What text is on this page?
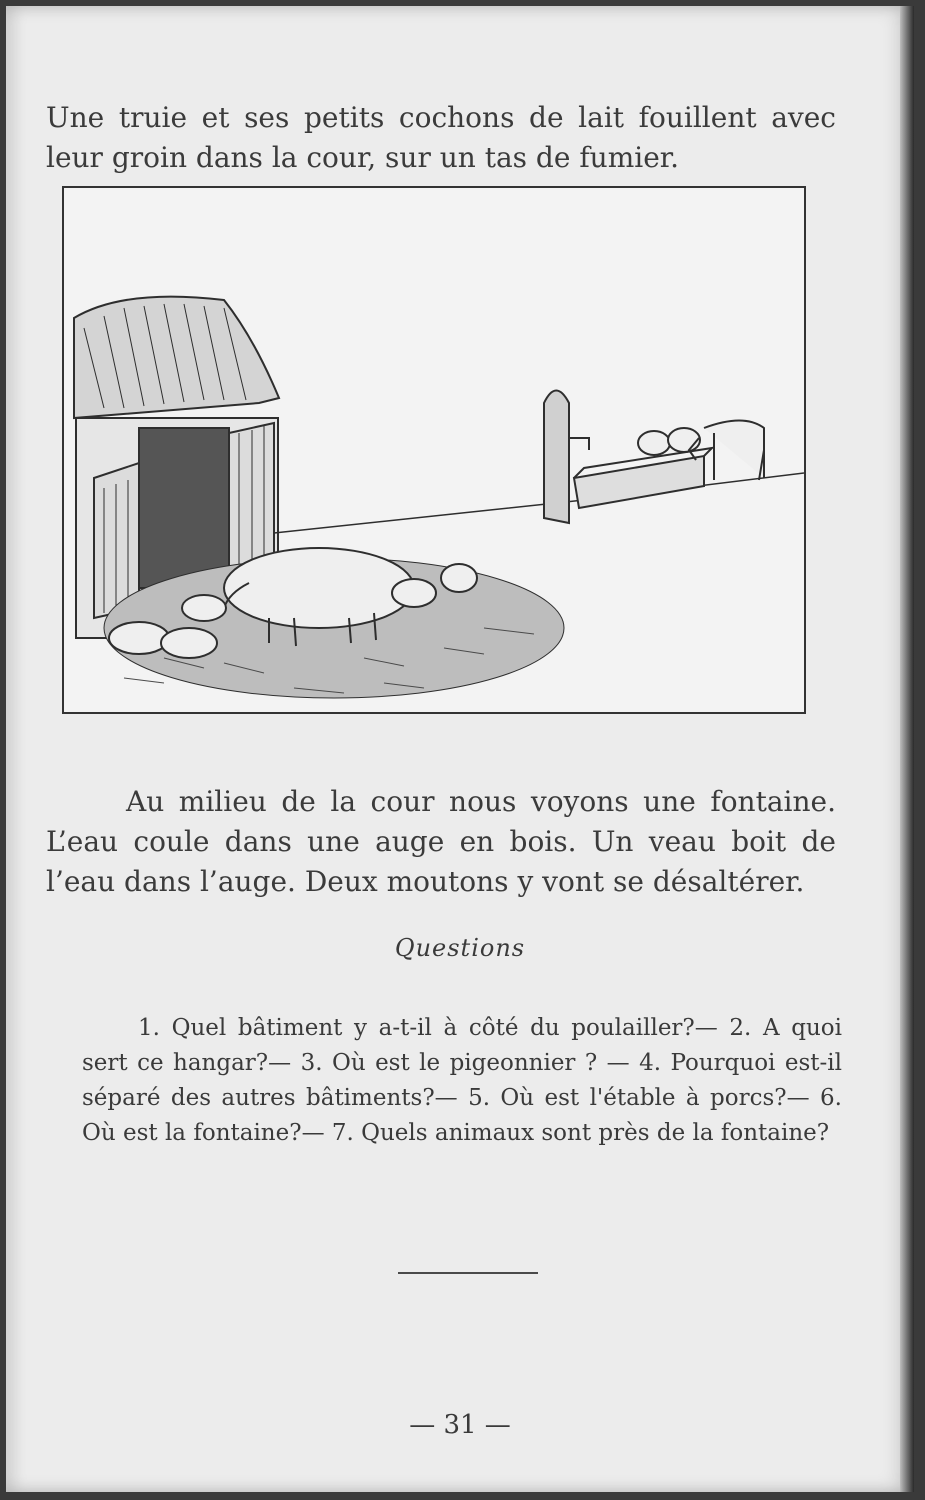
Une truie et ses petits cochons de lait fouillent avec leur groin dans la cour, sur un tas de fumier.

Au milieu de la cour nous voyons une fontaine. L’eau coule dans une auge en bois. Un veau boit de l’eau dans l’auge. Deux moutons y vont se désaltérer.

Questions

1. Quel bâtiment y a-t-il à côté du poulailler?— 2. A quoi sert ce hangar?— 3. Où est le pigeonnier ? — 4. Pourquoi est-il séparé des autres bâtiments?— 5. Où est l'étable à porcs?— 6. Où est la fontaine?— 7. Quels animaux sont près de la fontaine?

— 31 —
